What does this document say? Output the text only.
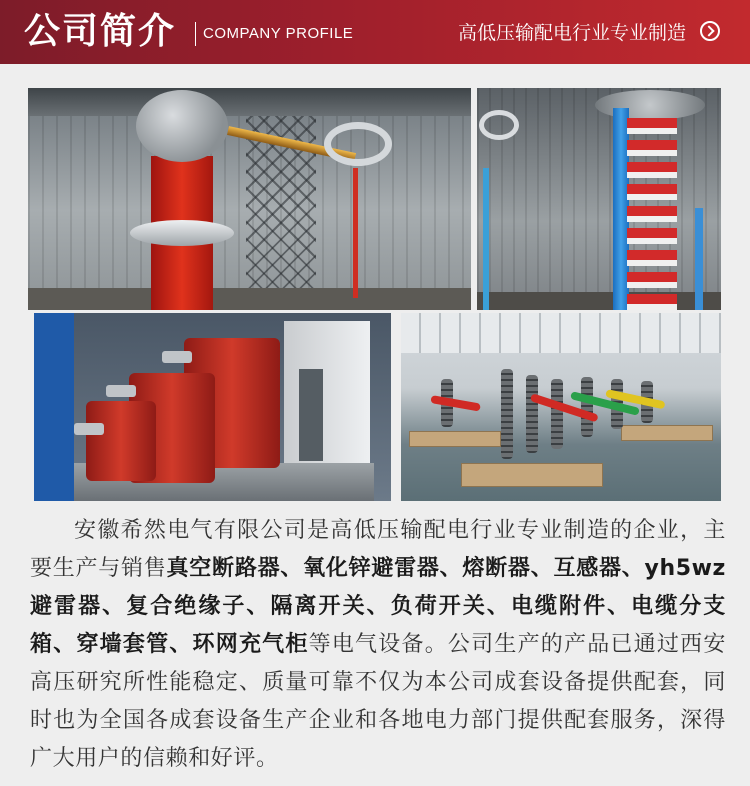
公司简介 COMPANY PROFILE	高低压输配电行业专业制造
安徽希然电气有限公司是高低压输配电行业专业制造的企业，主要生产与销售真空断路器、氧化锌避雷器、熔断器、互感器、yh5wz避雷器、复合绝缘子、隔离开关、负荷开关、电缆附件、电缆分支箱、穿墙套管、环网充气柜等电气设备。公司生产的产品已通过西安高压研究所性能稳定、质量可靠不仅为本公司成套设备提供配套，同时也为全国各成套设备生产企业和各地电力部门提供配套服务，深得广大用户的信赖和好评。
